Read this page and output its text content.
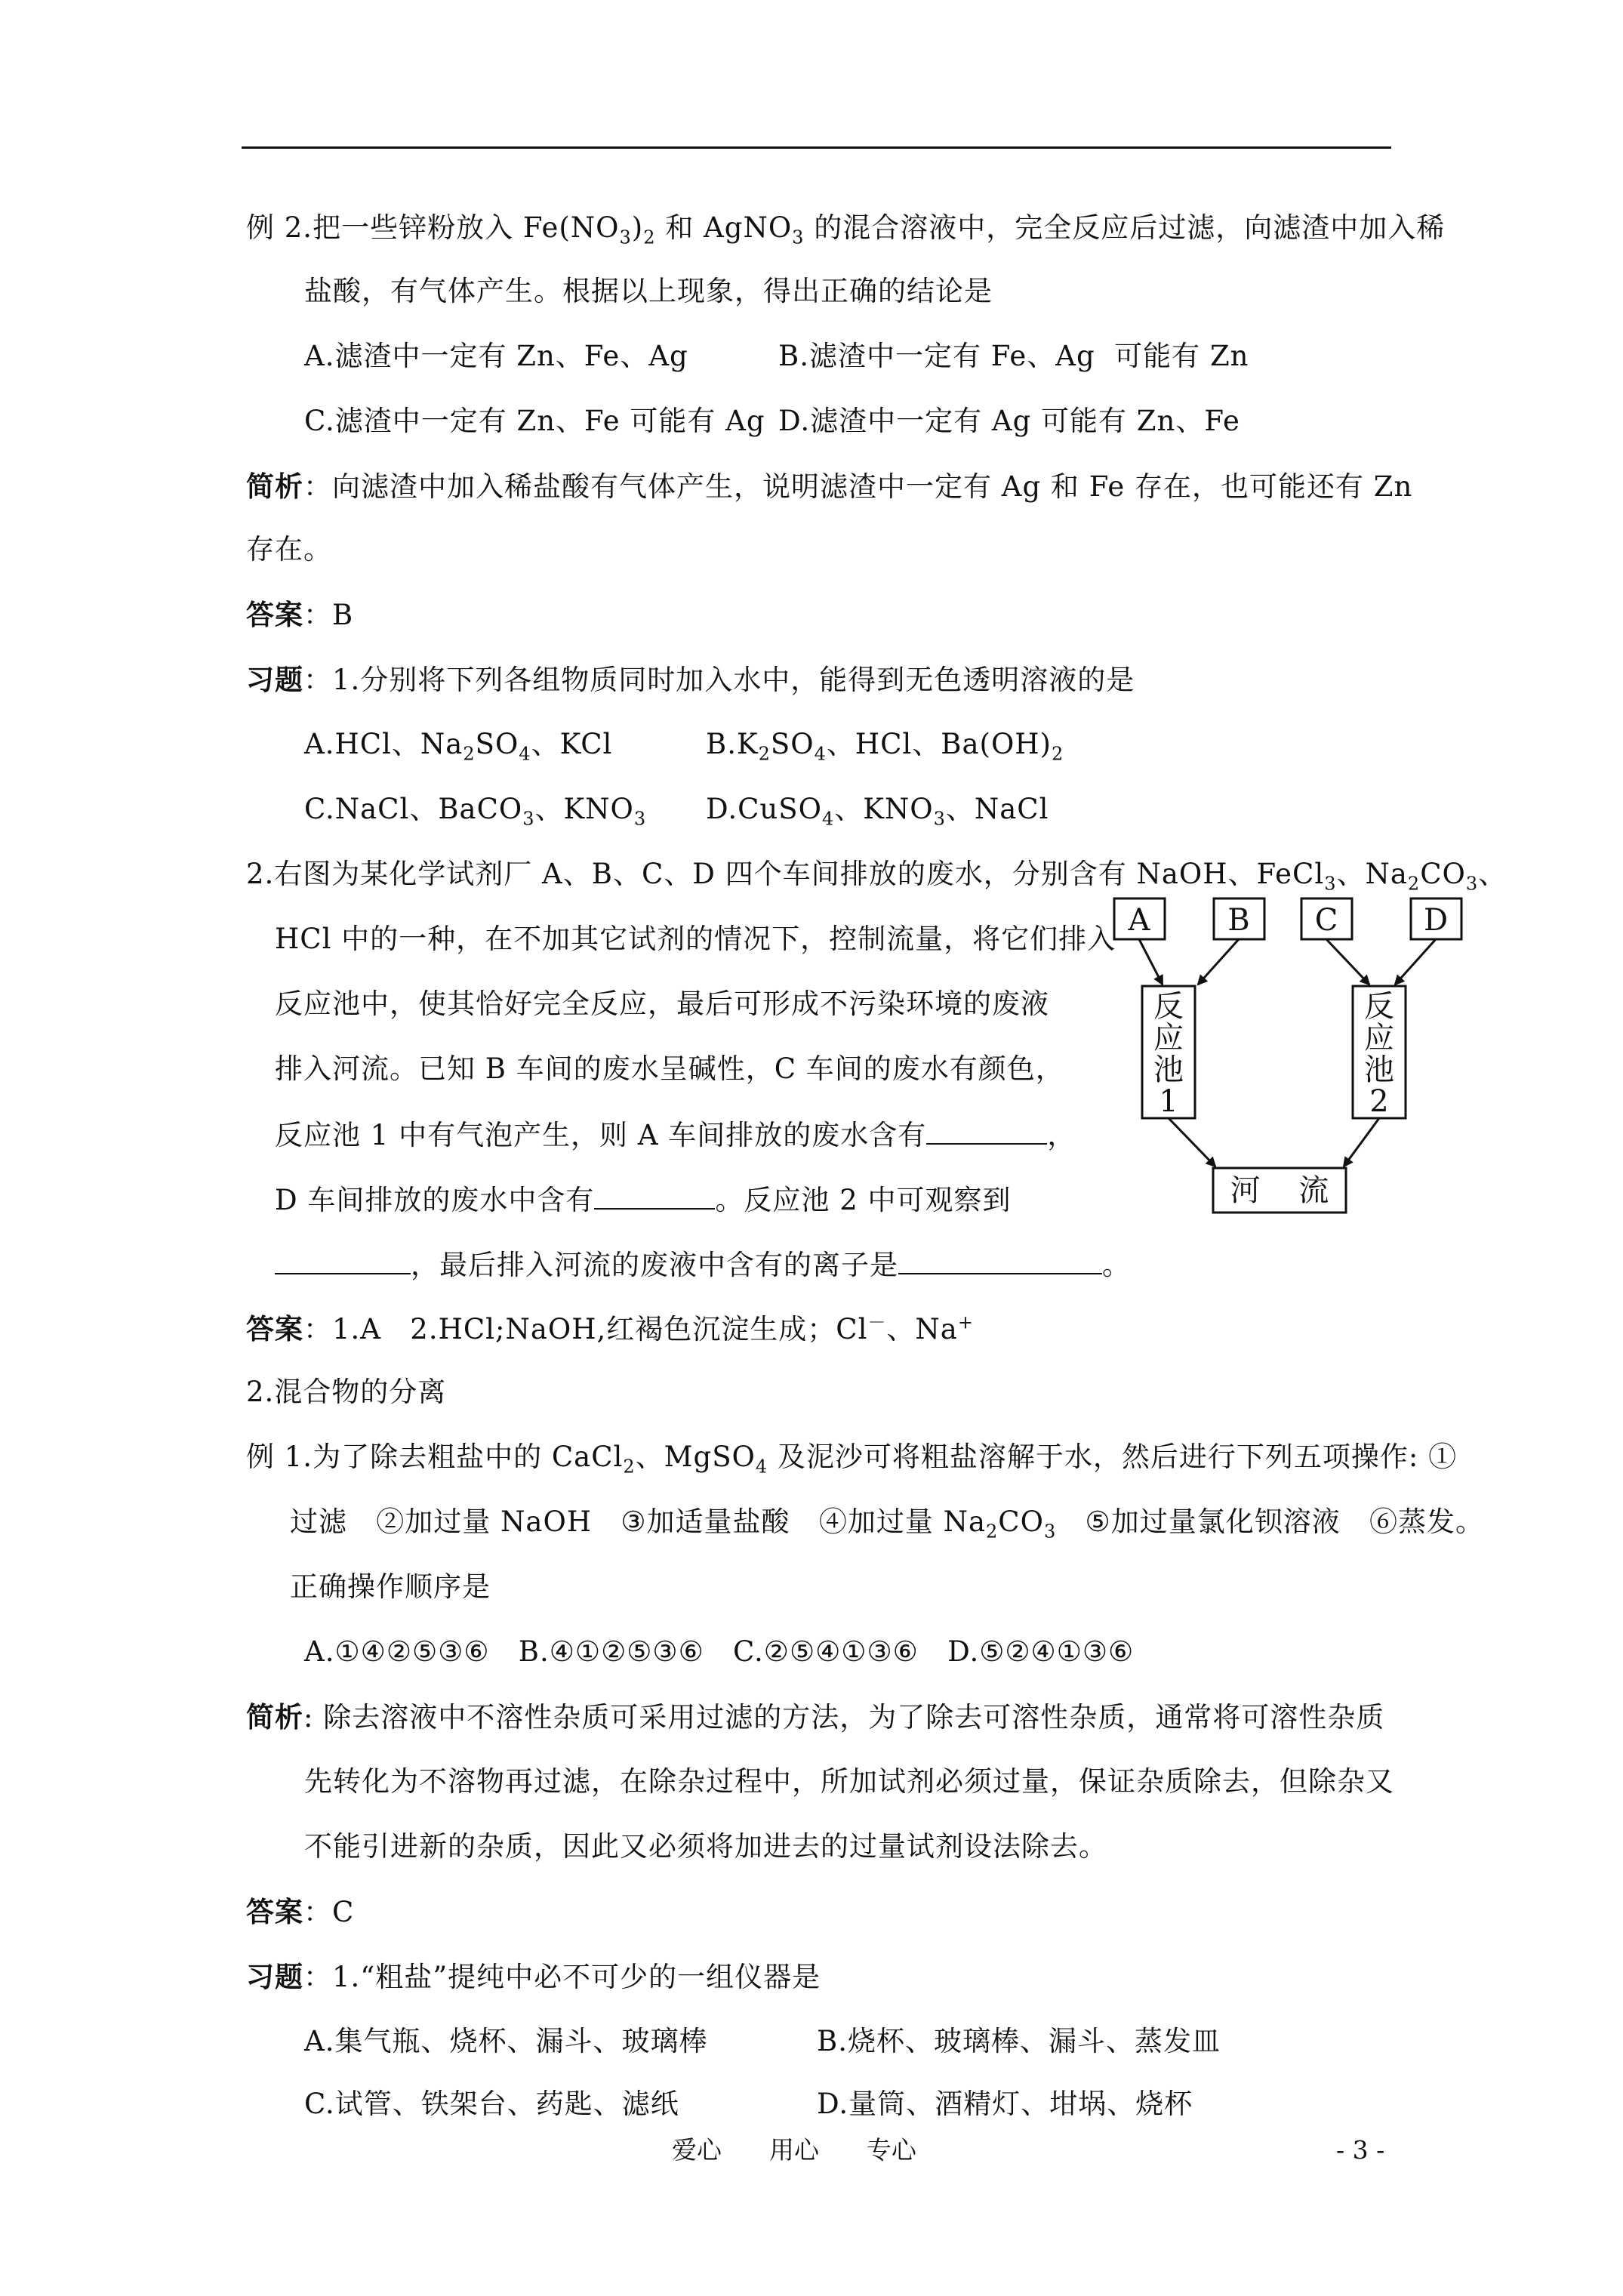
例 2.把一些锌粉放入 $Fe(NO_3)_2$ 和 AgNO$_3$ 的混合溶液中，完全反应后过滤，向滤渣中加入稀
盐酸，有气体产生。根据以上现象，得出正确的结论是
A.滤渣中一定有 Zn、Fe、Ag	B.滤渣中一定有 Fe、Ag  可能有 Zn
C.滤渣中一定有 Zn、Fe 可能有 Ag D.滤渣中一定有 Ag 可能有 Zn、Fe
简析：向滤渣中加入稀盐酸有气体产生，说明滤渣中一定有 Ag 和 Fe 存在，也可能还有 Zn
存在。
答案：B
习题：1.分别将下列各组物质同时加入水中，能得到无色透明溶液的是
A.HCl、$Na_2SO_4$、KCl	$B.K_2SO_4$、HCl、$Ba(OH)_2$
C.NaCl、BaCO$_3$、$KNO_3$ D.CuSO$_4$、$KNO_3$、NaCl
2.右图为某化学试剂厂 A、B、C、D 四个车间排放的废水，分别含有 NaOH、FeCl$_3$、$Na_2CO_3$、
HCl 中的一种，在不加其它试剂的情况下，控制流量，将它们排入
反应池中，使其恰好完全反应，最后可形成不污染环境的废液
排入河流。已知 B 车间的废水呈碱性，C 车间的废水有颜色，
反应池 1 中有气泡产生，则 A 车间排放的废水含有	，
D 车间排放的废水中含有	。反应池 2 中可观察到
，最后排入河流的废液中含有的离子是	。
答案：1.A   2.HCl;NaOH,红褐色沉淀生成；Cl－、Na+
A	B C	D
反
应
池
1
反
应
池
2
河    流
2.混合物的分离
例 1.为了除去粗盐中的 CaCl$_2$、MgSO$_4$ 及泥沙可将粗盐溶解于水，然后进行下列五项操作: ①
过滤   ②加过量 NaOH   ③加适量盐酸   ④加过量 $Na_2CO_3$   ⑤加过量氯化钡溶液   ⑥蒸发。
正确操作顺序是
A.①④②⑤③⑥   B.④①②⑤③⑥   C.②⑤④①③⑥   D.⑤②④①③⑥
简析: 除去溶液中不溶性杂质可采用过滤的方法，为了除去可溶性杂质，通常将可溶性杂质
先转化为不溶物再过滤，在除杂过程中，所加试剂必须过量，保证杂质除去，但除杂又
不能引进新的杂质，因此又必须将加进去的过量试剂设法除去。
答案：C
习题：1.“粗盐”提纯中必不可少的一组仪器是
A.集气瓶、烧杯、漏斗、玻璃棒	B.烧杯、玻璃棒、漏斗、蒸发皿
C.试管、铁架台、药匙、滤纸	D.量筒、酒精灯、坩埚、烧杯
爱心      用心      专心	- 3 -
